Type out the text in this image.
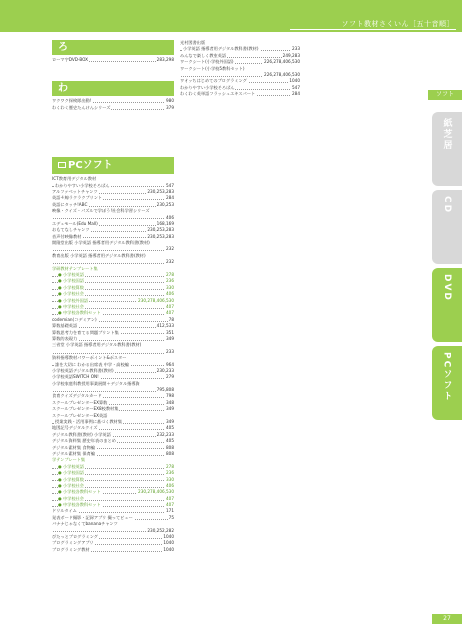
ソフト教材さくいん［五十音順］
ソフト
紙芝居
CD
DVD
PCソフト
ろ
ローマ字DVD-BOX	283,298
わ
ワクワク探検隊出動!	980
わくわく歴史たんけんシリーズ	379
PCソフト
ICT教育用デジタル教材
わかりやすい小学校そろばん	547
アルファベットチャンツ	230,253,283
英語４線ラクラクプリント	284
英語にタッチ!ABC	230,253
映像・クイズ・パズルで学ぼう!社会科学習シリーズ
406
エデュモール(Edu Mall)	168,169
おもてなしチャンツ	230,253,283
音声付映像教材	230,253,283
開隆堂出版 小学英語 指導者用デジタル教科書(教材)
232
教育出版 小学英語 指導者用デジタル教科書(教材)
232
学研教材テンプレート集
● 小学校英語	278
● 小学校国語	236
● 小学校算数	330
● 小学校社会	406
● 小学校外国語	230,278,406,530
● 中学校社会	407
● 中学校各教科セット	407
codemian(コデミアン)	78
算数基礎英語	412,533
算数思考力を育てる問題プリント集	351
算数的表現力	349
三省堂 小学英語 指導者用デジタル教科書(教材)
233
資料指導教材パワーポイント&ポスター
誰を大切に わかる出席表 中学・高校編	964
小学校英語デジタル教科書(教材)	230,233
小学校英語SWITCH ON!	279
小学校家庭科教授用事業展開＋デジタル指導資
795,808
食育クイズデジタルカード	798
スクールプレゼンターEX算数	348
スクールプレゼンターEX8校教材集	349
スクールプレゼンターEX英語
授業実践・活用事例に基づく教材集	349
地図記号デジタルクイズ	405
デジタル教科書(教材) 小学英語	232,233
デジタル資料集 歴史年表のまとめ	405
デジタル素材集 食物編	808
デジタル素材集 保育編	808
学テンプレート集
● 小学校英語	278
● 小学校国語	236
● 小学校算数	330
● 小学校社会	406
● 小学校各教科セット	230,278,406,530
● 中学校社会	407
● 中学校各教科セット	407
ドリルタイム	171
発表ボード撮影・記録アプリ 撮ってビュー	75
バナナじゃなくてbananaチャンツ
230,252,282
ぴたっとプログラミング	1040
プログラミングアプリ	1040
プログラミング教材	1040
光村図書出版
小学英語 指導者用デジタル教科書(教材)	233
みんなで楽しく教室英語	249,283
ワークシート(小学校外国語)	226,278,406,530
ワークシート(小学校5教科セット)
226,278,406,530
ワオッちはじめてのプログラミング	1040
わかりやすい小学校そろばん	547
わくわく英単語フラッシュエキスパート	284
27
